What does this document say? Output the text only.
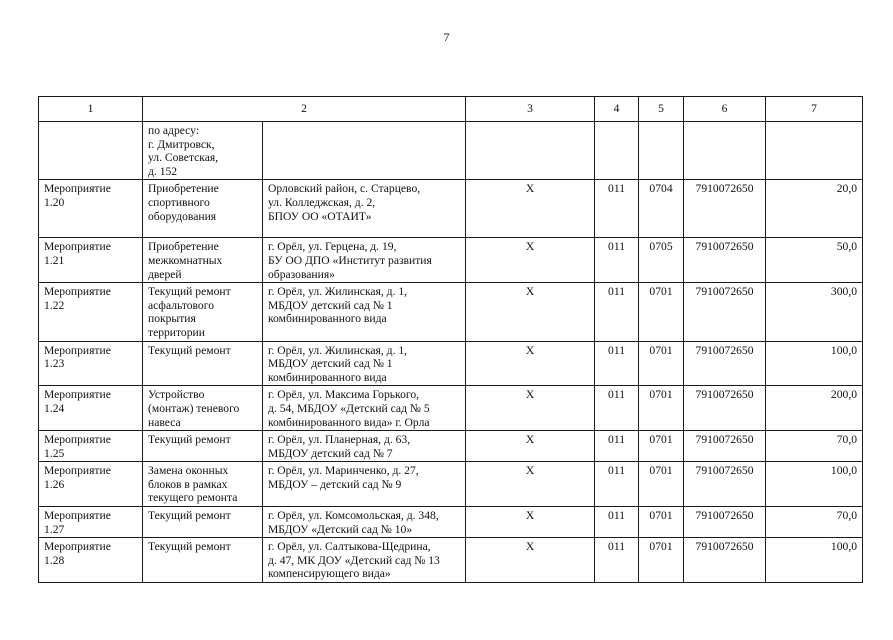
7
1	2		3	4	5	6	7

	по адресу:
г. Дмитровск,
ул. Советская,
д. 152						

Мероприятие
1.20	Приобретение
спортивного
оборудования	Орловский район, с. Старцево,
ул. Колледжская, д. 2,
БПОУ ОО «ОТАИТ»	Х	011	0704	7910072650	20,0

Мероприятие
1.21	Приобретение
межкомнатных
дверей	г. Орёл, ул. Герцена, д. 19,
БУ ОО ДПО «Институт развития
образования»	Х	011	0705	7910072650	50,0

Мероприятие
1.22	Текущий ремонт
асфальтового
покрытия
территории	г. Орёл, ул. Жилинская, д. 1,
МБДОУ детский сад № 1
комбинированного вида	Х	011	0701	7910072650	300,0

Мероприятие
1.23	Текущий ремонт	г. Орёл, ул. Жилинская, д. 1,
МБДОУ детский сад № 1
комбинированного вида	Х	011	0701	7910072650	100,0

Мероприятие
1.24	Устройство
(монтаж) теневого
навеса	г. Орёл, ул. Максима Горького,
д. 54, МБДОУ «Детский сад № 5
комбинированного вида» г. Орла	Х	011	0701	7910072650	200,0

Мероприятие
1.25	Текущий ремонт	г. Орёл, ул. Планерная, д. 63,
МБДОУ детский сад № 7	Х	011	0701	7910072650	70,0

Мероприятие
1.26	Замена оконных
блоков в рамках
текущего ремонта	г. Орёл, ул. Маринченко, д. 27,
МБДОУ – детский сад № 9	Х	011	0701	7910072650	100,0

Мероприятие
1.27	Текущий ремонт	г. Орёл, ул. Комсомольская, д. 348,
МБДОУ «Детский сад № 10»	Х	011	0701	7910072650	70,0

Мероприятие
1.28	Текущий ремонт	г. Орёл, ул. Салтыкова-Щедрина,
д. 47, МК ДОУ «Детский сад № 13
компенсирующего вида»	Х	011	0701	7910072650	100,0
